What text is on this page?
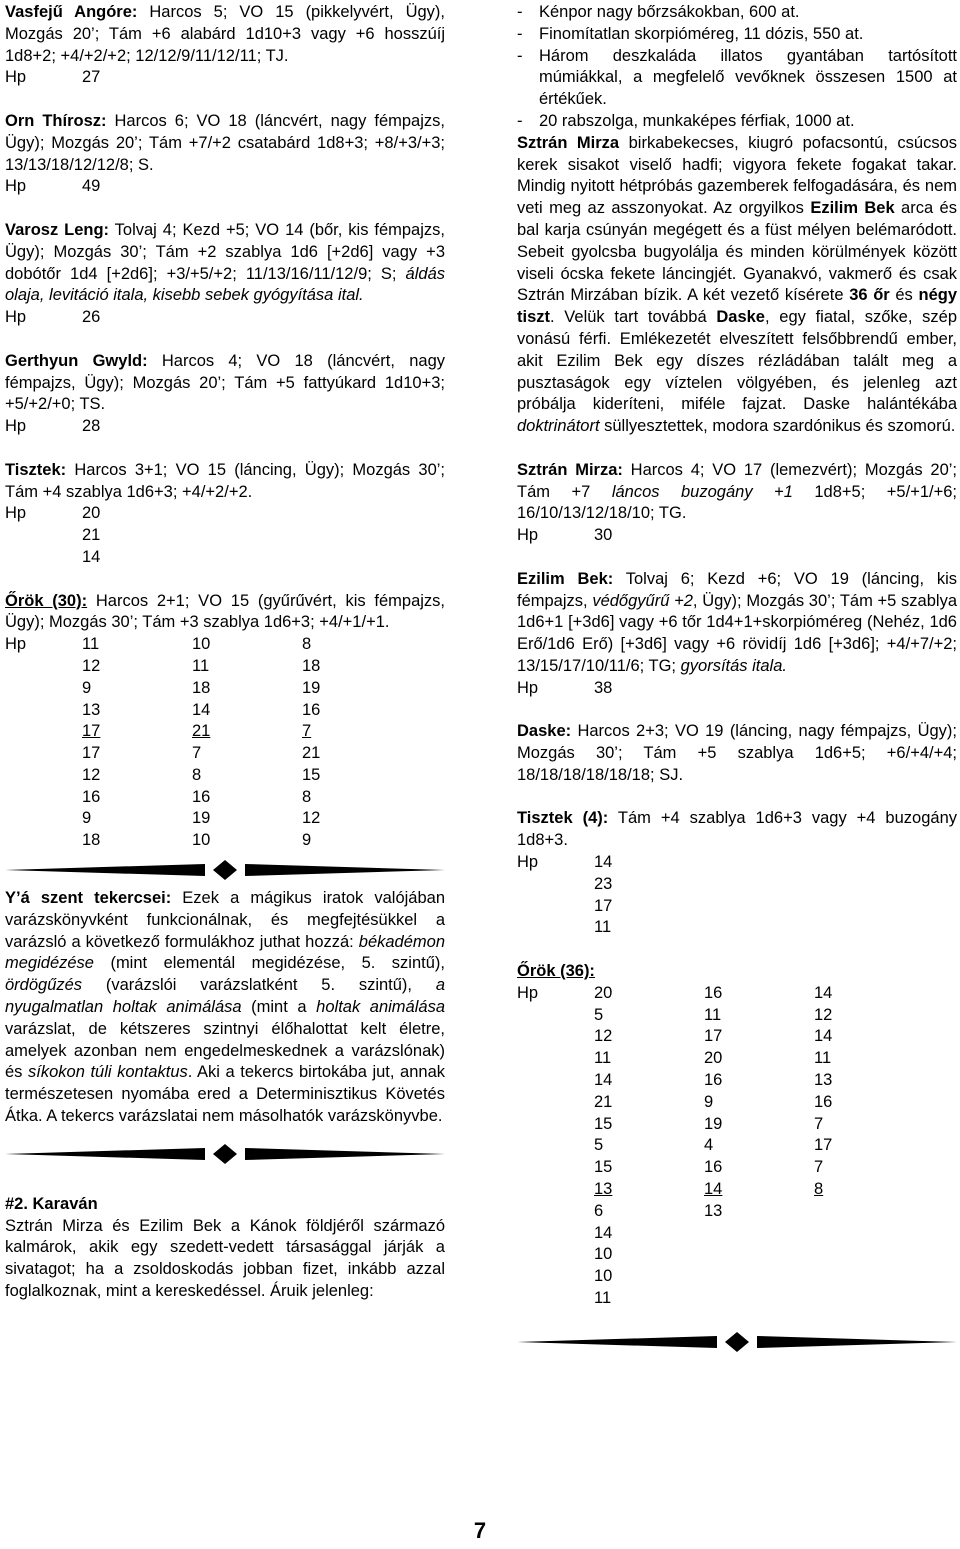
Vasfejű Angóre: Harcos 5; VO 15 (pikkelyvért, Ügy), Mozgás 20’; Tám +6 alabárd 1d10+3 vagy +6 hosszúíj 1d8+2; +4/+2/+2; 12/12/9/11/12/11; TJ.

Hp	27

Orn Thírosz: Harcos 6; VO 18 (láncvért, nagy fémpajzs, Ügy); Mozgás 20’; Tám +7/+2 csatabárd 1d8+3; +8/+3/+3; 13/13/18/12/12/8; S.

Hp	49

Varosz Leng: Tolvaj 4; Kezd +5; VO 14 (bőr, kis fémpajzs, Ügy); Mozgás 30’; Tám +2 szablya 1d6 [+2d6] vagy +3 dobótőr 1d4 [+2d6]; +3/+5/+2; 11/13/16/11/12/9; S; áldás olaja, levitáció itala, kisebb sebek gyógyítása ital.

Hp	26

Gerthyun Gwyld: Harcos 4; VO 18 (láncvért, nagy fémpajzs, Ügy); Mozgás 20’; Tám +5 fattyúkard 1d10+3; +5/+2/+0; TS.

Hp	28

Tisztek: Harcos 3+1; VO 15 (láncing, Ügy); Mozgás 30’; Tám +4 szablya 1d6+3; +4/+2/+2.

Hp	20
21
14

Őrök (30): Harcos 2+1; VO 15 (gyűrűvért, kis fémpajzs, Ügy); Mozgás 30’; Tám +3 szablya 1d6+3; +4/+1/+1.

Hp	11	10	8
12	11	18
9	18	19
13	14	16
17	21	7
17	7	21
12	8	15
16	16	8
9	19	12
18	10	9

Y’á szent tekercsei: Ezek a mágikus iratok valójában varázskönyvként funkcionálnak, és megfejtésükkel a varázsló a következő formulákhoz juthat hozzá: békadémon megidézése (mint elementál megidézése, 5. szintű), ördögűzés (varázslói varázslatként 5. szintű), a nyugalmatlan holtak animálása (mint a holtak animálása varázslat, de kétszeres szintnyi élőhalottat kelt életre, amelyek azonban nem engedelmeskednek a varázslónak) és síkokon túli kontaktus. Aki a tekercs birtokába jut, annak természetesen nyomába ered a Determinisztikus Követés Átka. A tekercs varázslatai nem másolhatók varázskönyvbe.

#2. Karaván

Sztrán Mirza és Ezilim Bek a Kánok földjéről származó kalmárok, akik egy szedett-vedett társasággal járják a sivatagot; ha a zsoldoskodás jobban fizet, inkább azzal foglalkoznak, mint a kereskedéssel. Áruik jelenleg:

-	Kénpor nagy bőrzsákokban, 600 at.
-	Finomítatlan skorpióméreg, 11 dózis, 550 at.
-	Három deszkaláda illatos gyantában tartósított múmiákkal, a megfelelő vevőknek összesen 1500 at értékűek.
-	20 rabszolga, munkaképes férfiak, 1000 at.

Sztrán Mirza birkabekecses, kiugró pofacsontú, csúcsos kerek sisakot viselő hadfi; vigyora fekete fogakat takar. Mindig nyitott hétpróbás gazemberek felfogadására, és nem veti meg az asszonyokat. Az orgyilkos Ezilim Bek arca és bal karja csúnyán megégett és a füst mélyen belémaródott. Sebeit gyolcsba bugyolálja és minden körülmények között viseli ócska fekete láncingjét. Gyanakvó, vakmerő és csak Sztrán Mirzában bízik. A két vezető kísérete 36 őr és négy tiszt. Velük tart továbbá Daske, egy fiatal, szőke, szép vonású férfi. Emlékezetét elveszített felsőbbrendű ember, akit Ezilim Bek egy díszes rézládában talált meg a pusztaságok egy víztelen völgyében, és jelenleg azt próbálja kideríteni, miféle fajzat. Daske halántékába doktrinátort süllyesztettek, modora szardónikus és szomorú.

Sztrán Mirza: Harcos 4; VO 17 (lemezvért); Mozgás 20’; Tám +7 láncos buzogány +1 1d8+5; +5/+1/+6; 16/10/13/12/18/10; TG.

Hp	30

Ezilim Bek: Tolvaj 6; Kezd +6; VO 19 (láncing, kis fémpajzs, védőgyűrű +2, Ügy); Mozgás 30’; Tám +5 szablya 1d6+1 [+3d6] vagy +6 tőr 1d4+1+skorpióméreg (Nehéz, 1d6 Erő/1d6 Erő) [+3d6] vagy +6 rövidíj 1d6 [+3d6]; +4/+7/+2; 13/15/17/10/11/6; TG; gyorsítás itala.

Hp	38

Daske: Harcos 2+3; VO 19 (láncing, nagy fémpajzs, Ügy); Mozgás 30’; Tám +5 szablya 1d6+5; +6/+4/+4; 18/18/18/18/18/18; SJ.

Tisztek (4): Tám +4 szablya 1d6+3 vagy +4 buzogány 1d8+3.

Hp	14
23
17
11

Őrök (36):

Hp	20	16	14
5	11	12
12	17	14
11	20	11
14	16	13
21	9	16
15	19	7
5	4	17
15	16	7
13	14	8
6	13
14
10
10
11
7
